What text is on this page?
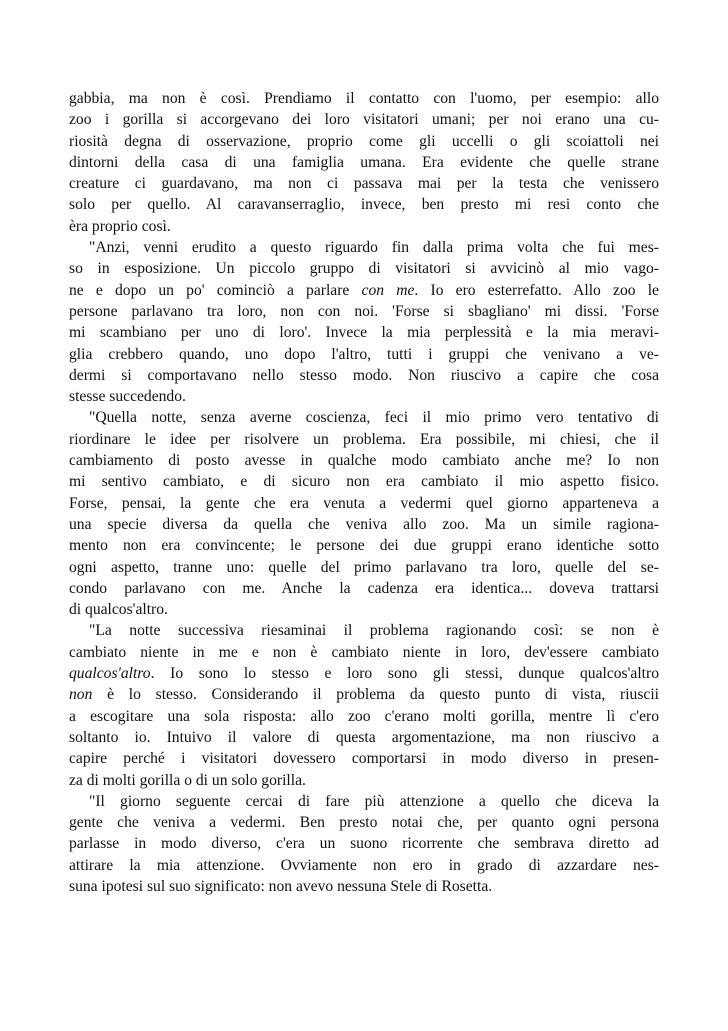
gabbia, ma non è così. Prendiamo il contatto con l'uomo, per esempio: allo
zoo i gorilla si accorgevano dei loro visitatori umani; per noi erano una cu-
riosità degna di osservazione, proprio come gli uccelli o gli scoiattoli nei
dintorni della casa di una famiglia umana. Era evidente che quelle strane
creature ci guardavano, ma non ci passava mai per la testa che venissero
solo per quello. Al caravanserraglio, invece, ben presto mi resi conto che
èra proprio così.
"Anzi, venni erudito a questo riguardo fin dalla prima volta che fui mes-
so in esposizione. Un piccolo gruppo di visitatori si avvicinò al mio vago-
ne e dopo un po' cominciò a parlare con me. Io ero esterrefatto. Allo zoo le
persone parlavano tra loro, non con noi. 'Forse si sbagliano' mi dissi. 'Forse
mi scambiano per uno di loro'. Invece la mia perplessità e la mia meravi-
glia crebbero quando, uno dopo l'altro, tutti i gruppi che venivano a ve-
dermi si comportavano nello stesso modo. Non riuscivo a capire che cosa
stesse succedendo.
"Quella notte, senza averne coscienza, feci il mio primo vero tentativo di
riordinare le idee per risolvere un problema. Era possibile, mi chiesi, che il
cambiamento di posto avesse in qualche modo cambiato anche me? Io non
mi sentivo cambiato, e di sicuro non era cambiato il mio aspetto fisico.
Forse, pensai, la gente che era venuta a vedermi quel giorno apparteneva a
una specie diversa da quella che veniva allo zoo. Ma un simile ragiona-
mento non era convincente; le persone dei due gruppi erano identiche sotto
ogni aspetto, tranne uno: quelle del primo parlavano tra loro, quelle del se-
condo parlavano con me. Anche la cadenza era identica... doveva trattarsi
di qualcos'altro.
"La notte successiva riesaminai il problema ragionando così: se non è
cambiato niente in me e non è cambiato niente in loro, dev'essere cambiato
qualcos'altro. Io sono lo stesso e loro sono gli stessi, dunque qualcos'altro
non è lo stesso. Considerando il problema da questo punto di vista, riuscii
a escogitare una sola risposta: allo zoo c'erano molti gorilla, mentre lì c'ero
soltanto io. Intuivo il valore di questa argomentazione, ma non riuscivo a
capire perché i visitatori dovessero comportarsi in modo diverso in presen-
za di molti gorilla o di un solo gorilla.
"Il giorno seguente cercai di fare più attenzione a quello che diceva la
gente che veniva a vedermi. Ben presto notai che, per quanto ogni persona
parlasse in modo diverso, c'era un suono ricorrente che sembrava diretto ad
attirare la mia attenzione. Ovviamente non ero in grado di azzardare nes-
suna ipotesi sul suo significato: non avevo nessuna Stele di Rosetta.
